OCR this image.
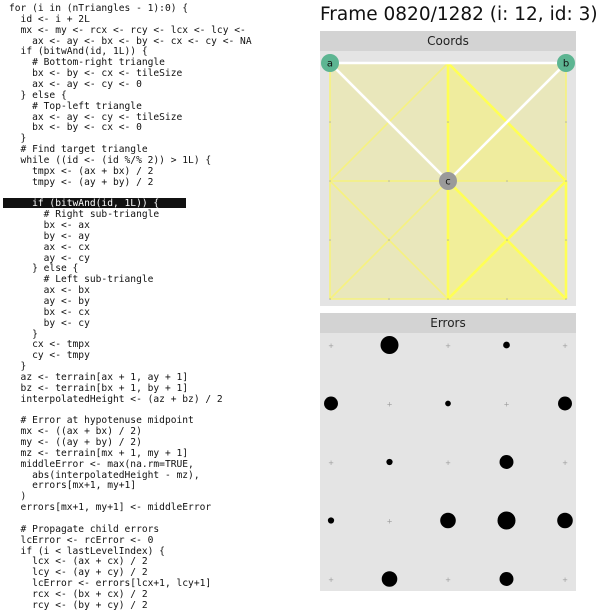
for (i in (nTriangles - 1):0) {
id <- i + 2L
mx <- my <- rcx <- rcy <- lcx <- lcy <-
ax <- ay <- bx <- by <- cx <- cy <- NA
if (bitwAnd(id, 1L)) {
# Bottom-right triangle
bx <- by <- cx <- tileSize
ax <- ay <- cy <- 0
} else {
# Top-left triangle
ax <- ay <- cy <- tileSize
bx <- by <- cx <- 0
}
# Find target triangle
while ((id <- (id %/% 2)) > 1L) {
tmpx <- (ax + bx) / 2
tmpy <- (ay + by) / 2
if (bitwAnd(id, 1L)) {
# Right sub-triangle
bx <- ax
by <- ay
ax <- cx
ay <- cy
} else {
# Left sub-triangle
ax <- bx
ay <- by
bx <- cx
by <- cy
}
cx <- tmpx
cy <- tmpy
}
az <- terrain[ax + 1, ay + 1]
bz <- terrain[bx + 1, by + 1]
interpolatedHeight <- (az + bz) / 2
# Error at hypotenuse midpoint
mx <- ((ax + bx) / 2)
my <- ((ay + by) / 2)
mz <- terrain[mx + 1, my + 1]
middleError <- max(na.rm=TRUE,
abs(interpolatedHeight - mz),
errors[mx+1, my+1]
)
errors[mx+1, my+1] <- middleError
# Propagate child errors
lcError <- rcError <- 0
if (i < lastLevelIndex) {
lcx <- (ax + cx) / 2
lcy <- (ay + cy) / 2
lcError <- errors[lcx+1, lcy+1]
rcx <- (bx + cx) / 2
rcy <- (by + cy) / 2
Frame 0820/1282 (i: 12, id: 3)
Coords
a	b
c
Errors
+	+	+
+	+
+	+	+
+
+	+	+
